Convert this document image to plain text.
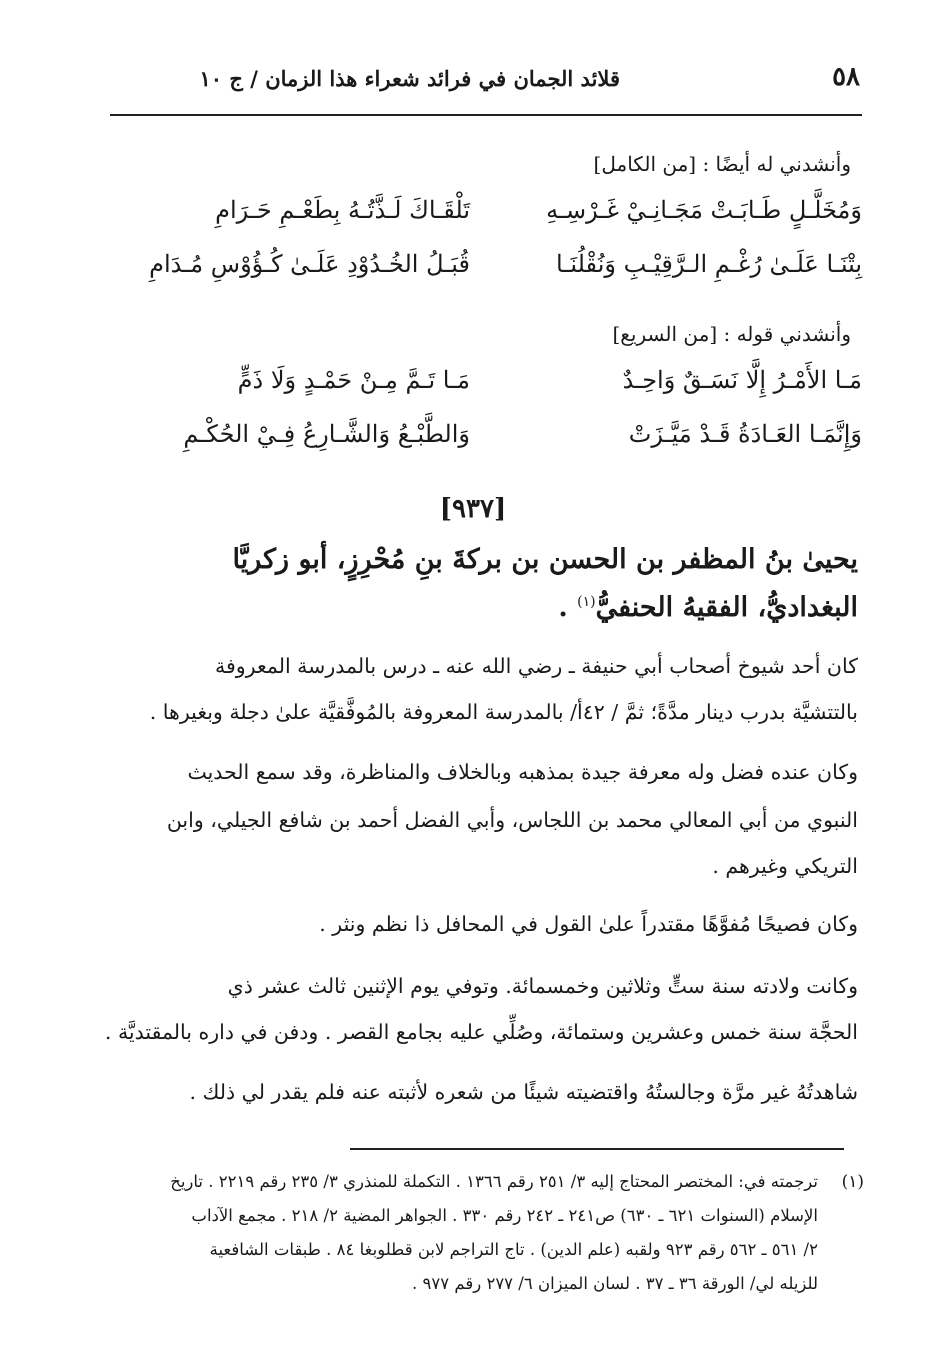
٥٨
قلائد الجمان في فرائد شعراء هذا الزمان / ج ١٠
وأنشدني له أيضًا : [من الكامل]
وَمُخَلَّـلٍ طَـابَـتْ مَجَـانِـيْ غَـرْسِـهِ
تَلْقَـاكَ لَـذَّتُـهُ بِطَعْـمِ حَـرَامِ
بِتْنَـا عَلَـىٰ رُغْـمِ الـرَّقِيْـبِ وَنُقْلُنَـا
قُبَـلُ الخُـدُوْدِ عَلَـىٰ كُـؤُوْسِ مُـدَامِ
وأنشدني قوله : [من السريع]
مَـا الأَمْـرُ إِلَّا نَسَـقٌ وَاحِـدٌ
مَـا تَـمَّ مِـنْ حَمْـدٍ وَلَا ذَمٍّ
وَإِنَّمَـا العَـادَةُ قَـدْ مَيَّـزَتْ
وَالطَّبْـعُ وَالشَّـارِعُ فِـيْ الحُكْـمِ
[٩٣٧]
يحيىٰ بنُ المظفر بن الحسن بن بركةَ بنِ مُحْرِزٍ، أبو زكريَّا
البغداديُّ، الفقيهُ الحنفيُّ$^{(١)}$ .
كان أحد شيوخ أصحاب أبي حنيفة ـ رضي الله عنه ـ درس بالمدرسة المعروفة
بالتتشيَّة بدرب دينار مدَّةً؛ ثمَّ / ٤٢أ/ بالمدرسة المعروفة بالمُوفَّقيَّة علىٰ دجلة وبغيرها .
وكان عنده فضل وله معرفة جيدة بمذهبه وبالخلاف والمناظرة، وقد سمع الحديث
النبوي من أبي المعالي محمد بن اللجاس، وأبي الفضل أحمد بن شافع الجيلي، وابن
التريكي وغيرهم .
وكان فصيحًا مُفوَّهًا مقتدراً علىٰ القول في المحافل ذا نظم ونثر .
وكانت ولادته سنة ستٍّ وثلاثين وخمسمائة. وتوفي يوم الإثنين ثالث عشر ذي
الحجَّة سنة خمس وعشرين وستمائة، وصُلِّي عليه بجامع القصر . ودفن في داره بالمقتديَّة .
شاهدتُهُ غير مرَّة وجالستُهُ واقتضيته شيئًا من شعره لأثبته عنه فلم يقدر لي ذلك .
(١)
ترجمته في: المختصر المحتاج إليه ٣/ ٢٥١ رقم ١٣٦٦ . التكملة للمنذري ٣/ ٢٣٥ رقم ٢٢١٩ . تاريخ
الإسلام (السنوات ٦٢١ ـ ٦٣٠) ص٢٤١ ـ ٢٤٢ رقم ٣٣٠ . الجواهر المضية ٢/ ٢١٨ . مجمع الآداب
٢/ ٥٦١ ـ ٥٦٢ رقم ٩٢٣ ولقبه (علم الدين) . تاج التراجم لابن قطلوبغا ٨٤ . طبقات الشافعية
للزيله لي/ الورقة ٣٦ ـ ٣٧ . لسان الميزان ٦/ ٢٧٧ رقم ٩٧٧ .
